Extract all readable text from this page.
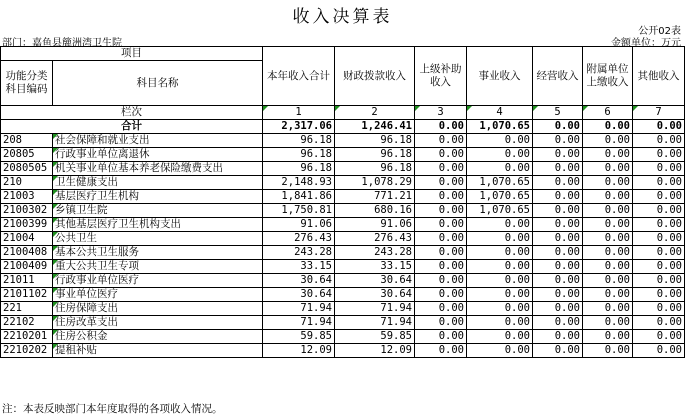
收入决算表
公开02表
部门：嘉鱼县簰洲湾卫生院	金额单位：万元
项目		本年收入合计	财政拨款收入	上级补助收入	事业收入	经营收入	附属单位上缴收入	其他收入
功能分类科目编码	科目名称							

栏次		1	2	3	4	5	6	7
合计		2,317.06	1,246.41	0.00	1,070.65	0.00	0.00	0.00
208	社会保障和就业支出	96.18	96.18	0.00	0.00	0.00	0.00	0.00
20805	行政事业单位离退休	96.18	96.18	0.00	0.00	0.00	0.00	0.00
2080505	机关事业单位基本养老保险缴费支出	96.18	96.18	0.00	0.00	0.00	0.00	0.00
210	卫生健康支出	2,148.93	1,078.29	0.00	1,070.65	0.00	0.00	0.00
21003	基层医疗卫生机构	1,841.86	771.21	0.00	1,070.65	0.00	0.00	0.00
2100302	乡镇卫生院	1,750.81	680.16	0.00	1,070.65	0.00	0.00	0.00
2100399	其他基层医疗卫生机构支出	91.06	91.06	0.00	0.00	0.00	0.00	0.00
21004	公共卫生	276.43	276.43	0.00	0.00	0.00	0.00	0.00
2100408	基本公共卫生服务	243.28	243.28	0.00	0.00	0.00	0.00	0.00
2100409	重大公共卫生专项	33.15	33.15	0.00	0.00	0.00	0.00	0.00
21011	行政事业单位医疗	30.64	30.64	0.00	0.00	0.00	0.00	0.00
2101102	事业单位医疗	30.64	30.64	0.00	0.00	0.00	0.00	0.00
221	住房保障支出	71.94	71.94	0.00	0.00	0.00	0.00	0.00
22102	住房改革支出	71.94	71.94	0.00	0.00	0.00	0.00	0.00
2210201	住房公积金	59.85	59.85	0.00	0.00	0.00	0.00	0.00
2210202	提租补贴	12.09	12.09	0.00	0.00	0.00	0.00	0.00
注：本表反映部门本年度取得的各项收入情况。
